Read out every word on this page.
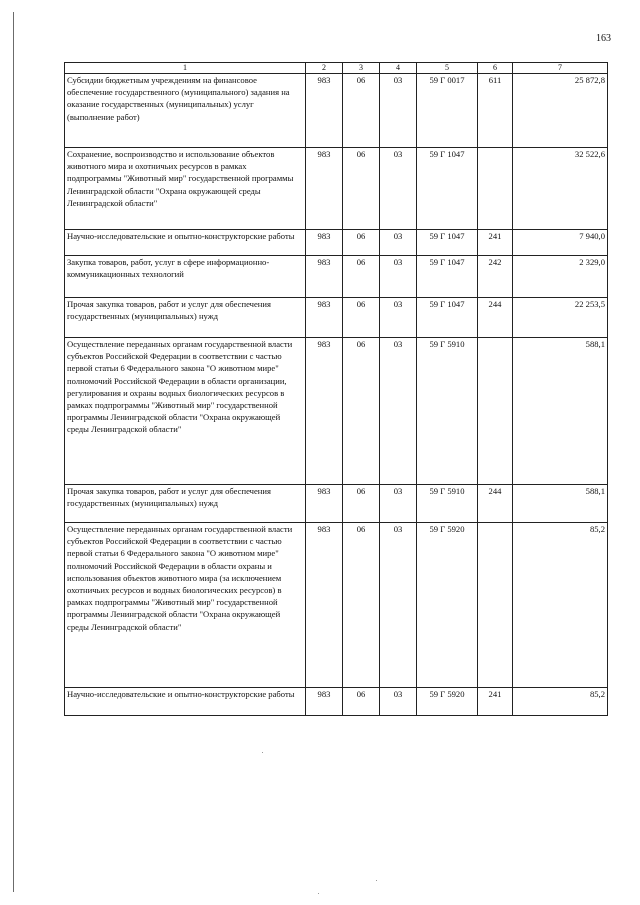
163
1	2	3	4	5	6	7
Субсидии бюджетным учреждениям на финансовое обеспечение государственного (муниципального) задания на оказание государственных (муниципальных) услуг (выполнение работ)	983	06	03	59 Г 0017	611	25 872,8
Сохранение, воспроизводство и использование объектов животного мира и охотничьих ресурсов в рамках подпрограммы "Животный мир" государственной программы Ленинградской области "Охрана окружающей среды Ленинградской области"	983	06	03	59 Г 1047		32 522,6
Научно-исследовательские и опытно-конструкторские работы	983	06	03	59 Г 1047	241	7 940,0
Закупка товаров, работ, услуг в сфере информационно-коммуникационных технологий	983	06	03	59 Г 1047	242	2 329,0
Прочая закупка товаров, работ и услуг для обеспечения государственных (муниципальных) нужд	983	06	03	59 Г 1047	244	22 253,5
Осуществление переданных органам государственной власти субъектов Российской Федерации в соответствии с частью первой статьи 6 Федерального закона "О животном мире" полномочий Российской Федерации в области организации, регулирования и охраны водных биологических ресурсов в рамках подпрограммы "Животный мир" государственной программы Ленинградской области "Охрана окружающей среды Ленинградской области"	983	06	03	59 Г 5910		588,1
Прочая закупка товаров, работ и услуг для обеспечения государственных (муниципальных) нужд	983	06	03	59 Г 5910	244	588,1
Осуществление переданных органам государственной власти субъектов Российской Федерации в соответствии с частью первой статьи 6 Федерального закона "О животном мире" полномочий Российской Федерации в области охраны и использования объектов животного мира (за исключением охотничьих ресурсов и водных биологических ресурсов) в рамках подпрограммы "Животный мир" государственной программы Ленинградской области "Охрана окружающей среды Ленинградской области"	983	06	03	59 Г 5920		85,2
Научно-исследовательские и опытно-конструкторские работы	983	06	03	59 Г 5920	241	85,2
